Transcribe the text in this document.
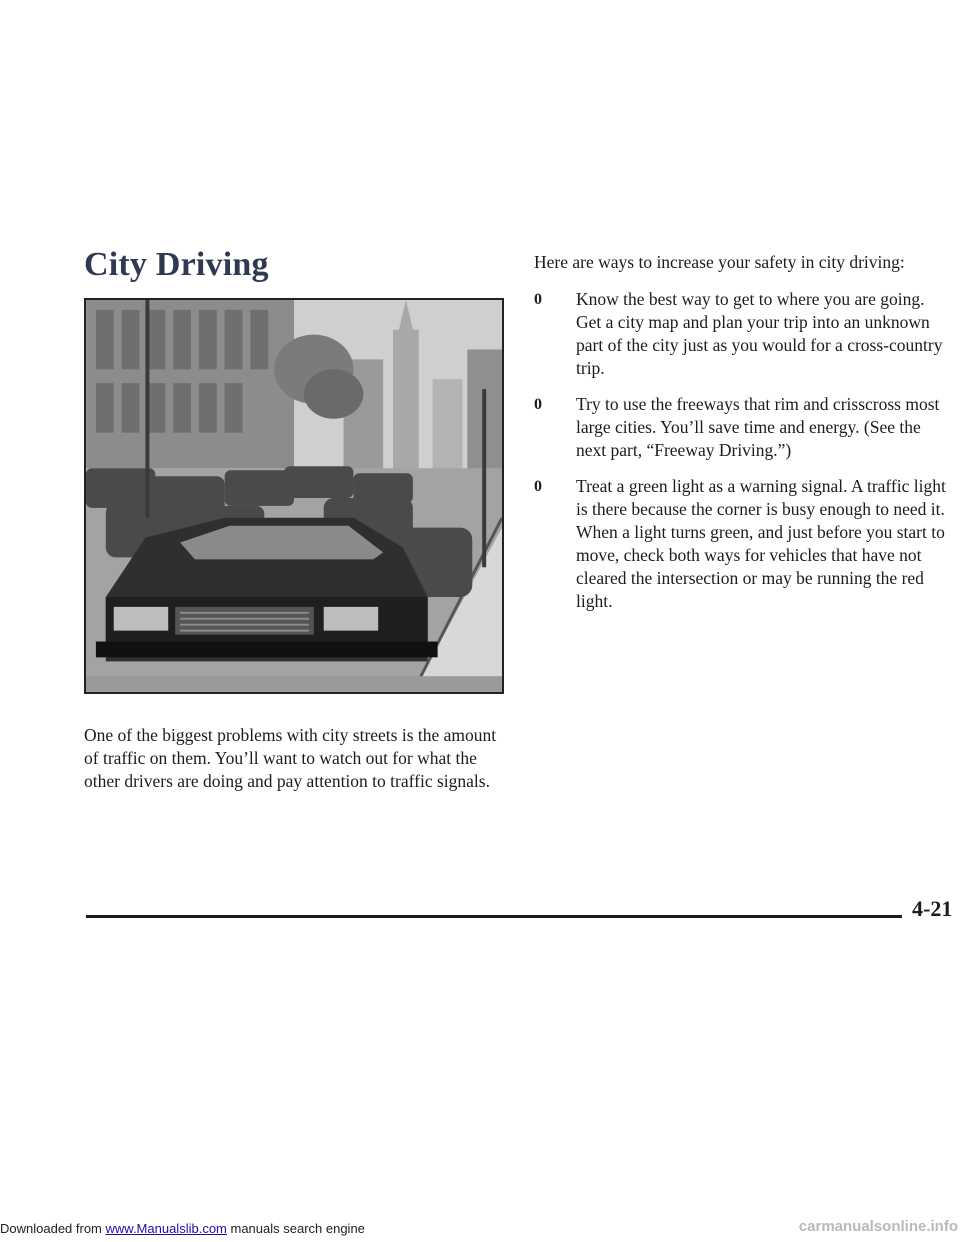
City Driving

One of the biggest problems with city streets is the amount of traffic on them. You’ll want to watch out for what the other drivers are doing and pay attention to traffic signals.

Here are ways to increase your safety in city driving:

0 Know the best way to get to where you are going. Get a city map and plan your trip into an unknown part of the city just as you would for a cross-country trip.
0 Try to use the freeways that rim and crisscross most large cities. You’ll save time and energy. (See the next part, “Freeway Driving.”)
0 Treat a green light as a warning signal. A traffic light is there because the corner is busy enough to need it. When a light turns green, and just before you start to move, check both ways for vehicles that have not cleared the intersection or may be running the red light.
4-21
Downloaded from www.Manualslib.com manuals search engine	carmanualsonline.info
